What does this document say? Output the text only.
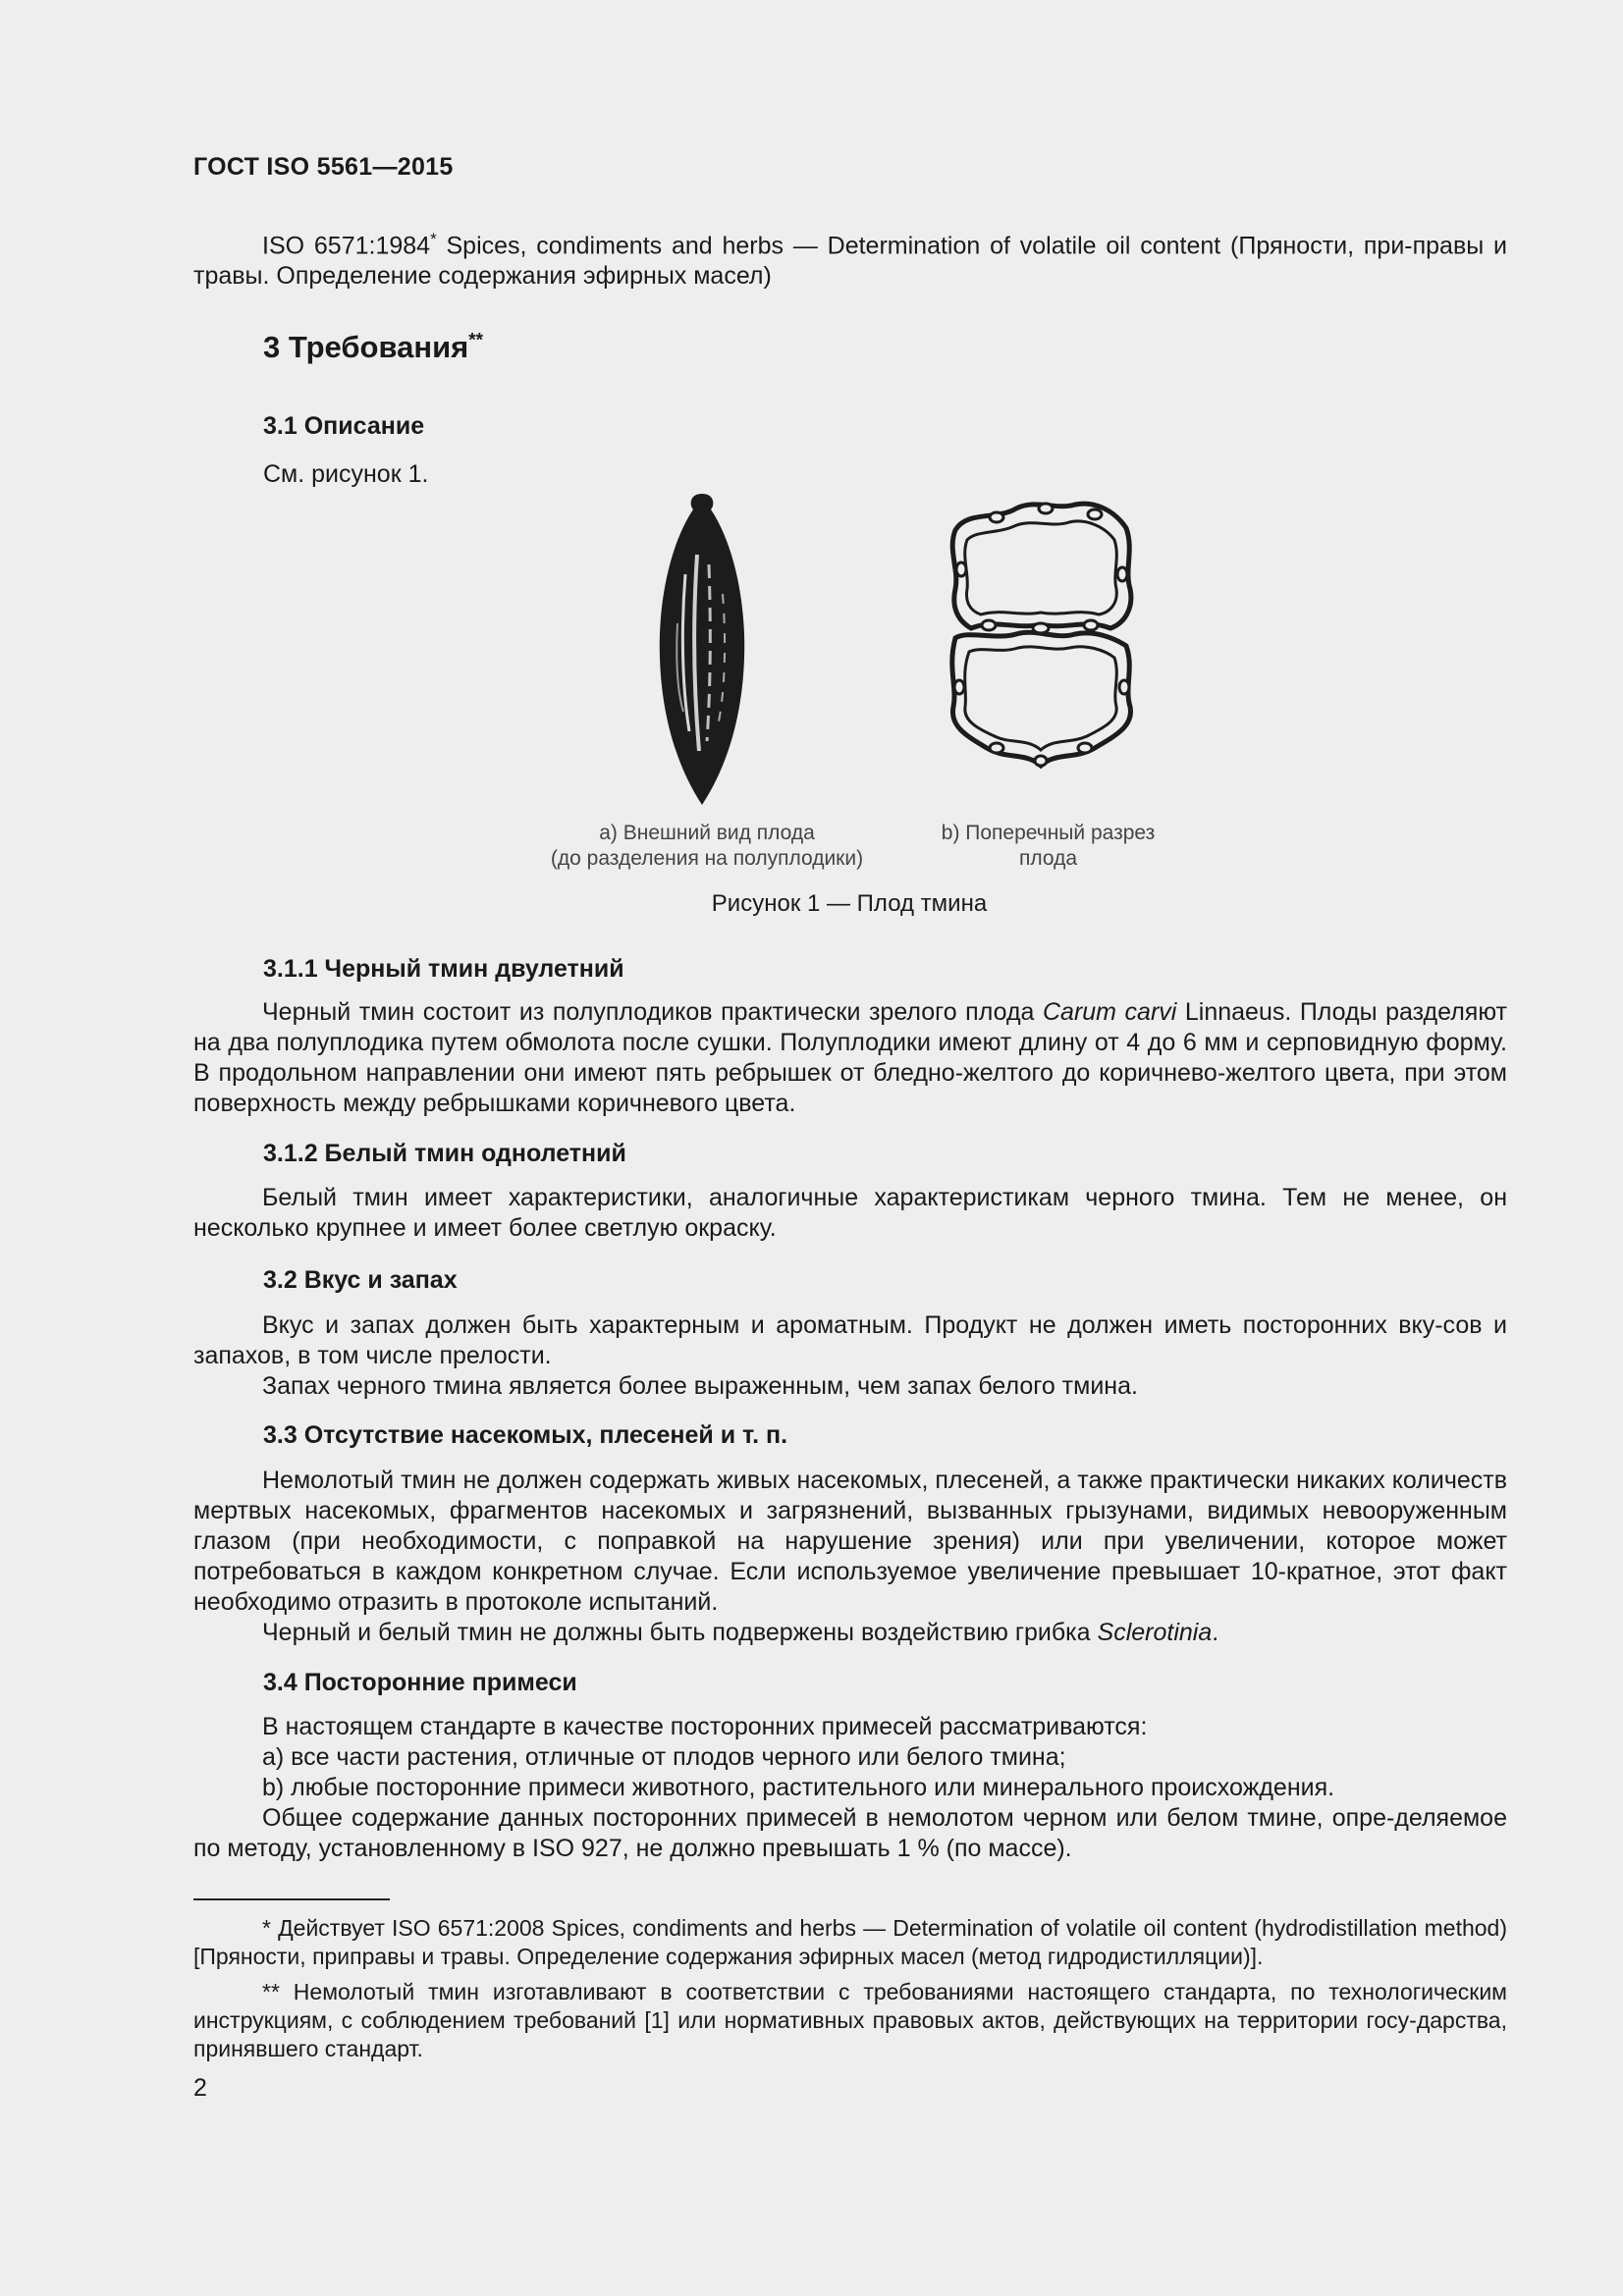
ГОСТ ISO 5561—2015
ISO 6571:1984* Spices, condiments and herbs — Determination of volatile oil content (Пряности, при-правы и травы. Определение содержания эфирных масел)
3 Требования**
3.1 Описание
См. рисунок 1.
а) Внешний вид плода
(до разделения на полуплодики)
b) Поперечный разрез
плода
Рисунок 1 — Плод тмина
3.1.1 Черный тмин двулетний
Черный тмин состоит из полуплодиков практически зрелого плода Carum carvi Linnaeus. Плоды разделяют на два полуплодика путем обмолота после сушки. Полуплодики имеют длину от 4 до 6 мм и серповидную форму. В продольном направлении они имеют пять ребрышек от бледно-желтого до коричнево-желтого цвета, при этом поверхность между ребрышками коричневого цвета.
3.1.2 Белый тмин однолетний
Белый тмин имеет характеристики, аналогичные характеристикам черного тмина. Тем не менее, он несколько крупнее и имеет более светлую окраску.
3.2 Вкус и запах
Вкус и запах должен быть характерным и ароматным. Продукт не должен иметь посторонних вку-сов и запахов, в том числе прелости.
Запах черного тмина является более выраженным, чем запах белого тмина.
3.3 Отсутствие насекомых, плесеней и т. п.
Немолотый тмин не должен содержать живых насекомых, плесеней, а также практически никаких количеств мертвых насекомых, фрагментов насекомых и загрязнений, вызванных грызунами, видимых невооруженным глазом (при необходимости, с поправкой на нарушение зрения) или при увеличении, которое может потребоваться в каждом конкретном случае. Если используемое увеличение превышает 10-кратное, этот факт необходимо отразить в протоколе испытаний.
Черный и белый тмин не должны быть подвержены воздействию грибка Sclerotinia.
3.4 Посторонние примеси
В настоящем стандарте в качестве посторонних примесей рассматриваются:
a) все части растения, отличные от плодов черного или белого тмина;
b) любые посторонние примеси животного, растительного или минерального происхождения.
Общее содержание данных посторонних примесей в немолотом черном или белом тмине, опре-деляемое по методу, установленному в ISO 927, не должно превышать 1 % (по массе).
* Действует ISO 6571:2008 Spices, condiments and herbs — Determination of volatile oil content (hydrodistillation method) [Пряности, приправы и травы. Определение содержания эфирных масел (метод гидродистилляции)].
** Немолотый тмин изготавливают в соответствии с требованиями настоящего стандарта, по технологическим инструкциям, с соблюдением требований [1] или нормативных правовых актов, действующих на территории госу-дарства, принявшего стандарт.
2
